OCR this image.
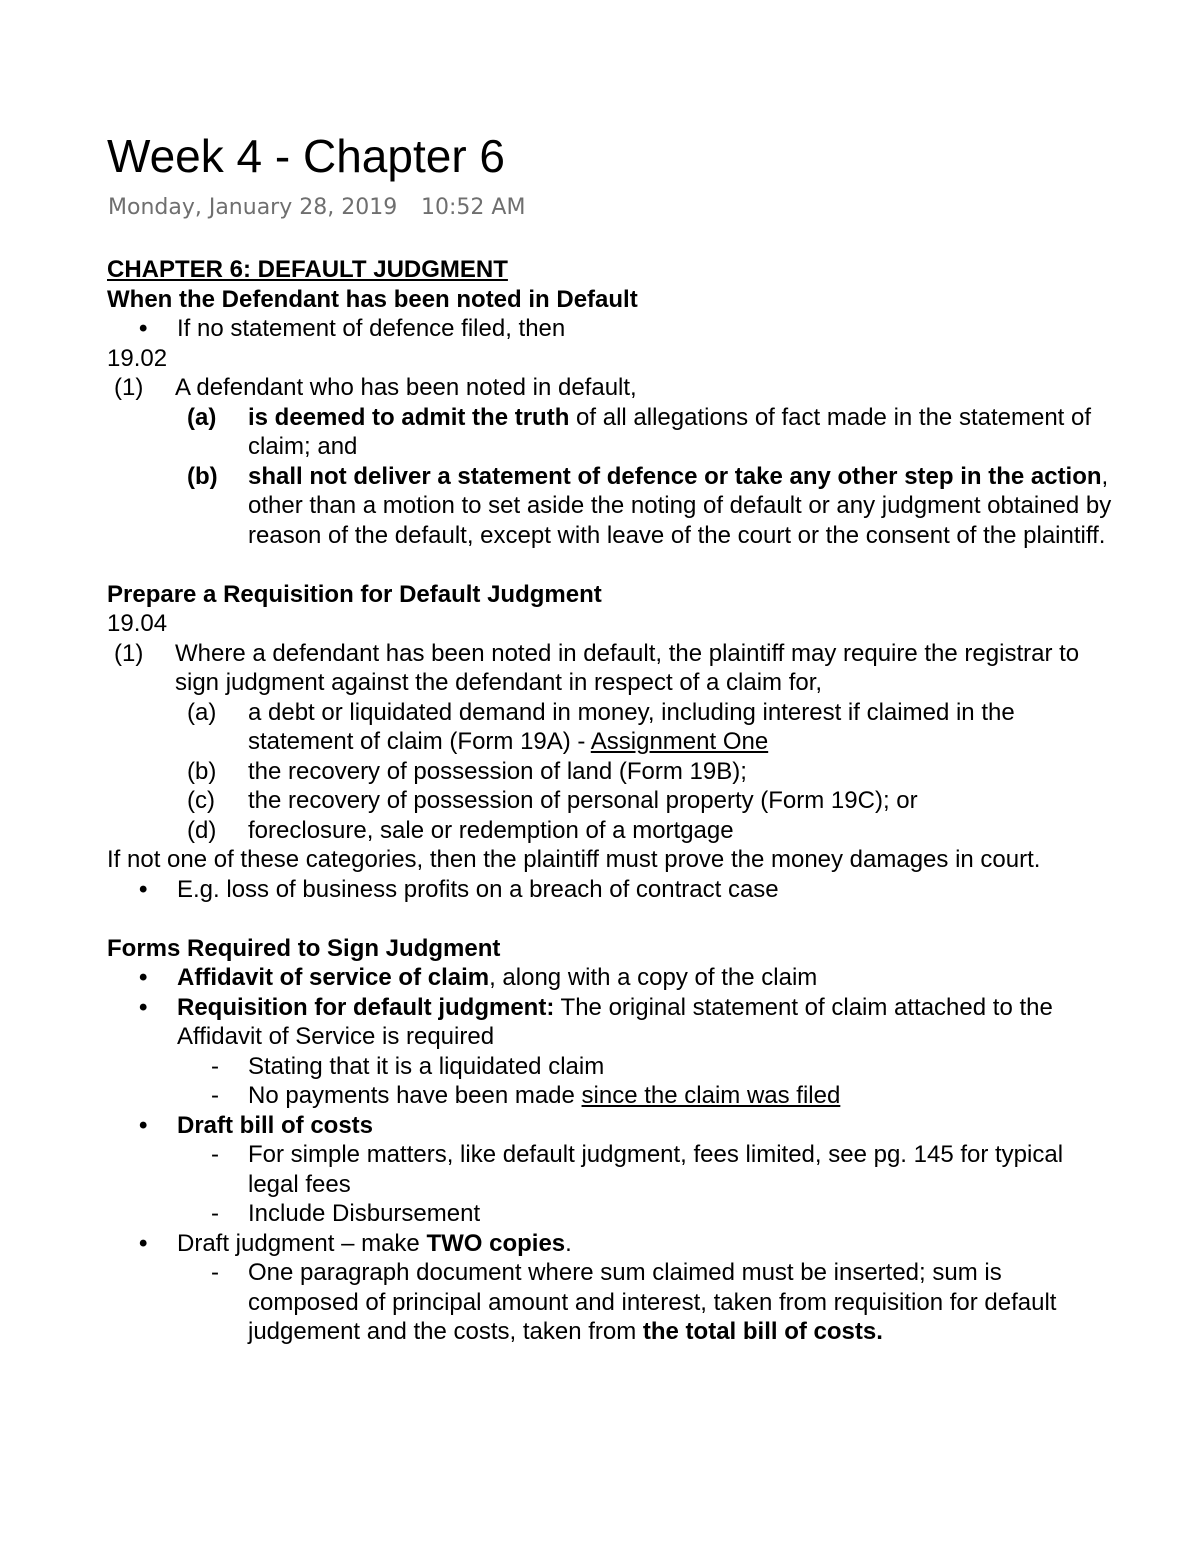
Week 4 - Chapter 6
Monday, January 28, 2019 10:52 AM
CHAPTER 6: DEFAULT JUDGMENT
When the Defendant has been noted in Default
• If no statement of defence filed, then
19.02
(1) A defendant who has been noted in default,
(a) is deemed to admit the truth of all allegations of fact made in the statement of claim; and
(b) shall not deliver a statement of defence or take any other step in the action, other than a motion to set aside the noting of default or any judgment obtained by reason of the default, except with leave of the court or the consent of the plaintiff.
Prepare a Requisition for Default Judgment
19.04
(1) Where a defendant has been noted in default, the plaintiff may require the registrar to sign judgment against the defendant in respect of a claim for,
(a) a debt or liquidated demand in money, including interest if claimed in the statement of claim (Form 19A) - Assignment One
(b) the recovery of possession of land (Form 19B);
(c) the recovery of possession of personal property (Form 19C); or
(d) foreclosure, sale or redemption of a mortgage
If not one of these categories, then the plaintiff must prove the money damages in court.
• E.g. loss of business profits on a breach of contract case
Forms Required to Sign Judgment
• Affidavit of service of claim, along with a copy of the claim
• Requisition for default judgment: The original statement of claim attached to the Affidavit of Service is required
- Stating that it is a liquidated claim
- No payments have been made since the claim was filed
• Draft bill of costs
- For simple matters, like default judgment, fees limited, see pg. 145 for typical legal fees
- Include Disbursement
• Draft judgment – make TWO copies.
- One paragraph document where sum claimed must be inserted; sum is composed of principal amount and interest, taken from requisition for default judgement and the costs, taken from the total bill of costs.
